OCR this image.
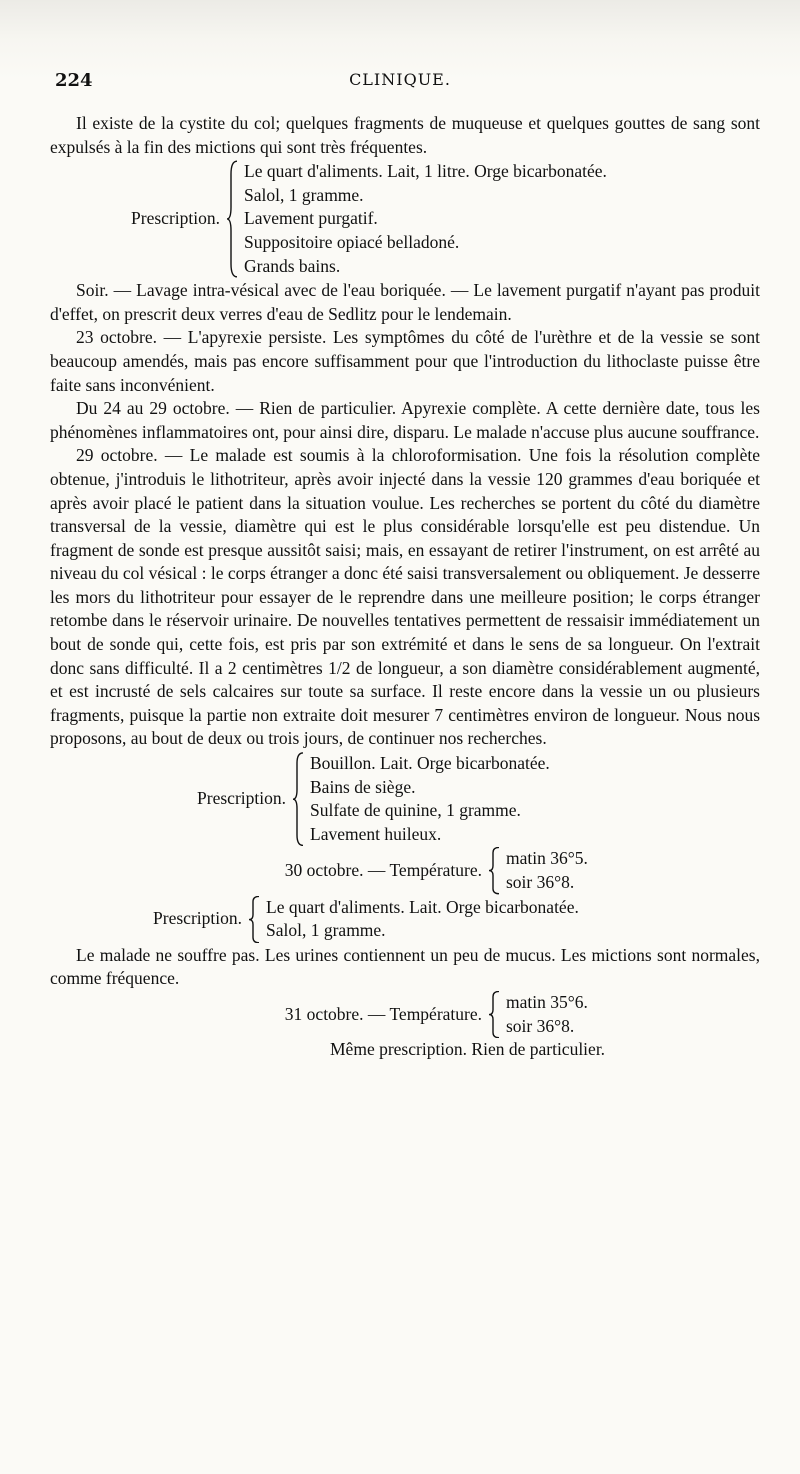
224	CLINIQUE.

Il existe de la cystite du col; quelques fragments de muqueuse et quelques gouttes de sang sont expulsés à la fin des mictions qui sont très fréquentes.

Prescription.
Le quart d'aliments. Lait, 1 litre. Orge bicarbonatée.
Salol, 1 gramme.
Lavement purgatif.
Suppositoire opiacé belladoné.
Grands bains.

Soir. — Lavage intra-vésical avec de l'eau boriquée. — Le lavement purgatif n'ayant pas produit d'effet, on prescrit deux verres d'eau de Sedlitz pour le lendemain.

23 octobre. — L'apyrexie persiste. Les symptômes du côté de l'urèthre et de la vessie se sont beaucoup amendés, mais pas encore suffisamment pour que l'introduction du lithoclaste puisse être faite sans inconvénient.

Du 24 au 29 octobre. — Rien de particulier. Apyrexie complète. A cette dernière date, tous les phénomènes inflammatoires ont, pour ainsi dire, disparu. Le malade n'accuse plus aucune souffrance.

29 octobre. — Le malade est soumis à la chloroformisation. Une fois la résolution complète obtenue, j'introduis le lithotriteur, après avoir injecté dans la vessie 120 grammes d'eau boriquée et après avoir placé le patient dans la situation voulue. Les recherches se portent du côté du diamètre transversal de la vessie, diamètre qui est le plus considérable lorsqu'elle est peu distendue. Un fragment de sonde est presque aussitôt saisi; mais, en essayant de retirer l'instrument, on est arrêté au niveau du col vésical : le corps étranger a donc été saisi transversalement ou obliquement. Je desserre les mors du lithotriteur pour essayer de le reprendre dans une meilleure position; le corps étranger retombe dans le réservoir urinaire. De nouvelles tentatives permettent de ressaisir immédiatement un bout de sonde qui, cette fois, est pris par son extrémité et dans le sens de sa longueur. On l'extrait donc sans difficulté. Il a 2 centimètres 1/2 de longueur, a son diamètre considérablement augmenté, et est incrusté de sels calcaires sur toute sa surface. Il reste encore dans la vessie un ou plusieurs fragments, puisque la partie non extraite doit mesurer 7 centimètres environ de longueur. Nous nous proposons, au bout de deux ou trois jours, de continuer nos recherches.

Prescription.
Bouillon. Lait. Orge bicarbonatée.
Bains de siège.
Sulfate de quinine, 1 gramme.
Lavement huileux.
30 octobre. — Température.
matin 36°5.
soir 36°8.
Prescription.
Le quart d'aliments. Lait. Orge bicarbonatée.
Salol, 1 gramme.

Le malade ne souffre pas. Les urines contiennent un peu de mucus. Les mictions sont normales, comme fréquence.

31 octobre. — Température.
matin 35°6.
soir 36°8.
Même prescription. Rien de particulier.
